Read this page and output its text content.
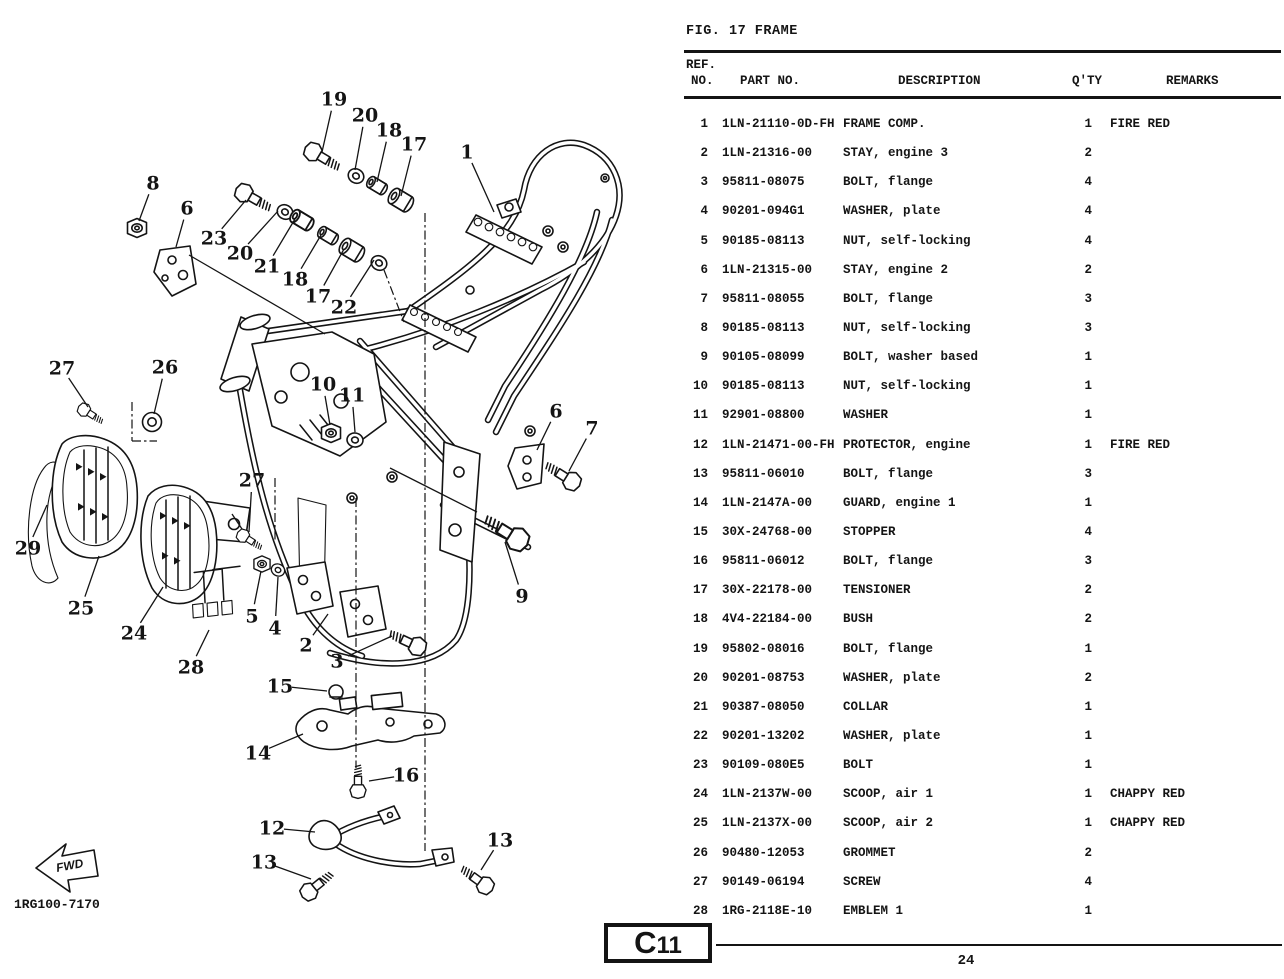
19
20
18
17 1
8
6
23
20
21
18
17 22
27	26
10 11
6
7
9
29
25
24
28
5
4
2
3
27
15
14
16
12
13
13
FWD
1RG100-7170
FIG. 17 FRAME
REF.
NO. PART NO.	DESCRIPTION	Q'TY	REMARKS
1 1LN-21110-0D-FH FRAME COMP.	1 FIRE RED
2 1LN-21316-00 STAY, engine 3	2
3 95811-08075	BOLT, flange	4
4 90201-094G1	WASHER, plate	4
5 90185-08113	NUT, self-locking	4
6 1LN-21315-00 STAY, engine 2	2
7 95811-08055	BOLT, flange	3
8 90185-08113	NUT, self-locking	3
9 90105-08099	BOLT, washer based	1
10 90185-08113	NUT, self-locking	1
11 92901-08800	WASHER	1
12 1LN-21471-00-FH PROTECTOR, engine	1 FIRE RED
13 95811-06010	BOLT, flange	3
14 1LN-2147A-00 GUARD, engine 1	1
15 30X-24768-00 STOPPER	4
16 95811-06012	BOLT, flange	3
17 30X-22178-00 TENSIONER	2
18 4V4-22184-00 BUSH	2
19 95802-08016	BOLT, flange	1
20 90201-08753	WASHER, plate	2
21 90387-08050	COLLAR	1
22 90201-13202	WASHER, plate	1
23 90109-080E5	BOLT	1
24 1LN-2137W-00 SCOOP, air 1	1 CHAPPY RED
25 1LN-2137X-00 SCOOP, air 2	1 CHAPPY RED
26 90480-12053	GROMMET	2
27 90149-06194	SCREW	4
28 1RG-2118E-10 EMBLEM 1	1
C 11
24
